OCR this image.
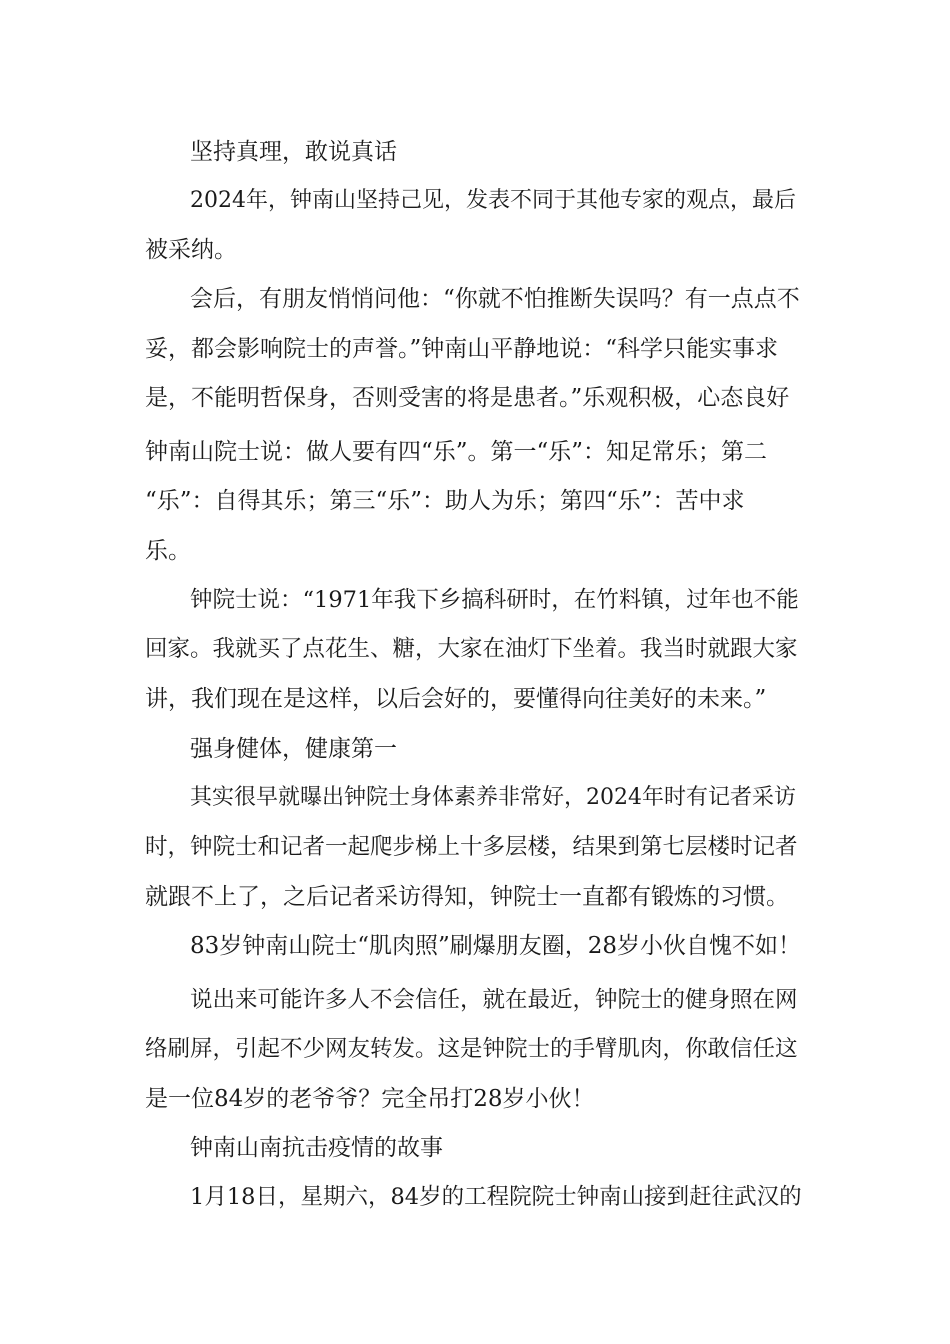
坚持真理，敢说真话
2024年，钟南山坚持己见，发表不同于其他专家的观点，最后
被采纳。
会后，有朋友悄悄问他：“你就不怕推断失误吗？有一点点不
妥，都会影响院士的声誉。”钟南山平静地说：“科学只能实事求
是，不能明哲保身，否则受害的将是患者。”乐观积极，心态良好
钟南山院士说：做人要有四“乐”。第一“乐”：知足常乐；第二
“乐”：自得其乐；第三“乐”：助人为乐；第四“乐”：苦中求
乐。
钟院士说：“1971年我下乡搞科研时，在竹料镇，过年也不能
回家。我就买了点花生、糖，大家在油灯下坐着。我当时就跟大家
讲，我们现在是这样，以后会好的，要懂得向往美好的未来。”
强身健体，健康第一
其实很早就曝出钟院士身体素养非常好，2024年时有记者采访
时，钟院士和记者一起爬步梯上十多层楼，结果到第七层楼时记者
就跟不上了，之后记者采访得知，钟院士一直都有锻炼的习惯。
83岁钟南山院士“肌肉照”刷爆朋友圈，28岁小伙自愧不如！
说出来可能许多人不会信任，就在最近，钟院士的健身照在网
络刷屏，引起不少网友转发。这是钟院士的手臂肌肉，你敢信任这
是一位84岁的老爷爷？完全吊打28岁小伙！
钟南山南抗击疫情的故事
1月18日，星期六，84岁的工程院院士钟南山接到赶往武汉的
